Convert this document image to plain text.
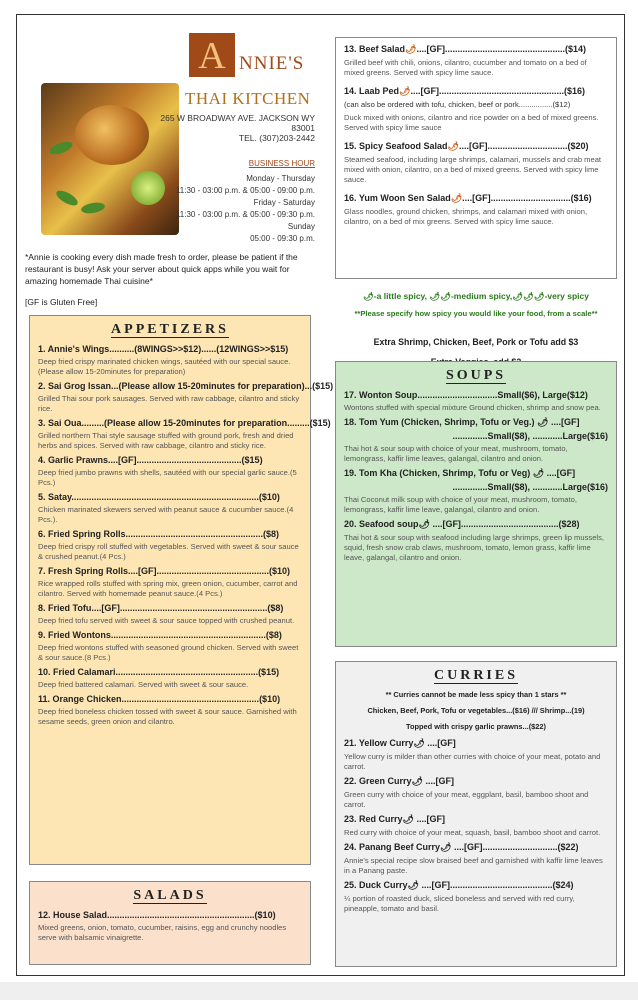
A NNIE'S
THAI KITCHEN
265 W BROADWAY AVE. JACKSON WY 83001
TEL. (307)203-2442
BUSINESS HOUR
Monday - Thursday
11:30 - 03:00 p.m. & 05:00 - 09:00 p.m.
Friday - Saturday
11:30 - 03:00 p.m. & 05:00 - 09:30 p.m.
Sunday
05:00 - 09:30 p.m.
*Annie is cooking every dish made fresh to order, please be patient if the restaurant is busy! Ask your server about quick apps while you wait for amazing homemade Thai cuisine*
[GF is Gluten Free]
APPETIZERS
1. Annie's Wings..........(8WINGS>>$12)......(12WINGS>>$15)
Deep fried crispy marinated chicken wings, sautéed with our special sauce. (Please allow 15-20minutes for preparation)
2. Sai Grog Issan...(Please allow 15-20minutes for preparation)...($15)
Grilled Thai sour pork sausages. Served with raw cabbage, cilantro and sticky rice.
3. Sai Oua.........(Please allow 15-20minutes for preparation.........($15)
Grilled northern Thai style sausage stuffed with ground pork, fresh and dried herbs and spices. Served with raw cabbage, cilantro and sticky rice.
4. Garlic Prawns....[GF]..........................................($15)
Deep fried jumbo prawns with shells, sautéed with our special garlic sauce.(5 Pcs.)
5. Satay...........................................................................($10)
Chicken marinated skewers served with peanut sauce & cucumber sauce.(4 Pcs.).
6. Fried Spring Rolls.......................................................($8)
Deep fried crispy roll stuffed with vegetables. Served with sweet & sour sauce & crushed peanut.(4 Pcs.)
7. Fresh Spring Rolls....[GF].............................................($10)
Rice wrapped rolls stuffed with spring mix, green onion, cucumber, carrot and cilantro. Served with homemade peanut sauce.(4 Pcs.)
8. Fried Tofu....[GF]...........................................................($8)
Deep fried tofu served with sweet & sour sauce topped with crushed peanut.
9. Fried Wontons..............................................................($8)
Deep fried wontons stuffed with seasoned ground chicken. Served with sweet & sour sauce.(8 Pcs.)
10. Fried Calamari.........................................................($15)
Deep fried battered calamari. Served with sweet & sour sauce.
11. Orange Chicken.......................................................($10)
Deep fried boneless chicken tossed with sweet & sour sauce. Garnished with sesame seeds, green onion and cilantro.
SALADS
12. House Salad...........................................................($10)
Mixed greens, onion, tomato, cucumber, raisins, egg and crunchy noodles serve with balsamic vinaigrette.
13. Beef Salad🌶....[GF]................................................($14)
Grilled beef with chili, onions, cilantro, cucumber and tomato on a bed of mixed greens. Served with spicy lime sauce.
14. Laab Ped🌶....[GF]..................................................($16)
(can also be ordered with tofu, chicken, beef or pork................($12)
Duck mixed with onions, cilantro and rice powder on a bed of mixed greens. Served with spicy lime sauce
15. Spicy Seafood Salad🌶....[GF]................................($20)
Steamed seafood, including large shrimps, calamari, mussels and crab meat mixed with onion, cilantro, on a bed of mixed greens. Served with spicy lime sauce.
16. Yum Woon Sen Salad🌶....[GF]................................($16)
Glass noodles, ground chicken, shrimps, and calamari mixed with onion, cilantro, on a bed of mix greens. Served with spicy lime sauce.
🌶-a little spicy, 🌶🌶-medium spicy,🌶🌶🌶-very spicy
**Please specify how spicy you would like your food, from a scale**
Extra Shrimp, Chicken, Beef, Pork or Tofu add $3
SOUPS
17. Wonton Soup................................Small($6), Large($12)
Wontons stuffed with special mixture Ground chicken, shrimp and snow pea.
18. Tom Yum (Chicken, Shrimp, Tofu or Veg.) 🌶 ....[GF]
..............Small($8), ............Large($16)
Thai hot & sour soup with choice of your meat, mushroom, tomato, lemongrass, kaffir lime leaves, galangal, cilantro and onion.
19. Tom Kha (Chicken, Shrimp, Tofu or Veg) 🌶 ....[GF]
..............Small($8), ............Large($16)
Thai Coconut milk soup with choice of your meat, mushroom, tomato, lemongrass, kaffir lime leave, galangal, cilantro and onion.
20. Seafood soup🌶 ....[GF].......................................($28)
Thai hot & sour soup with seafood including large shrimps, green lip mussels, squid, fresh snow crab claws, mushroom, tomato, lemon grass, kaffir lime leave, galangal, cilantro and onion.
CURRIES
** Curries cannot be made less spicy than 1 stars **
Chicken, Beef, Pork, Tofu or vegetables...($16) /// Shrimp...(19)
Topped with crispy garlic prawns...($22)
21. Yellow Curry🌶 ....[GF]
Yellow curry is milder than other curries with choice of your meat, potato and carrot.
22. Green Curry🌶 ....[GF]
Green curry with choice of your meat, eggplant, basil, bamboo shoot and carrot.
23. Red Curry🌶 ....[GF]
Red curry with choice of your meat, squash, basil, bamboo shoot and carrot.
24. Panang Beef Curry🌶 ....[GF]..............................($22)
Annie's special recipe slow braised beef and garnished with kaffir lime leaves in a Panang paste.
25. Duck Curry🌶 ....[GF].........................................($24)
¼ portion of roasted duck, sliced boneless and served with red curry, pineapple, tomato and basil.
